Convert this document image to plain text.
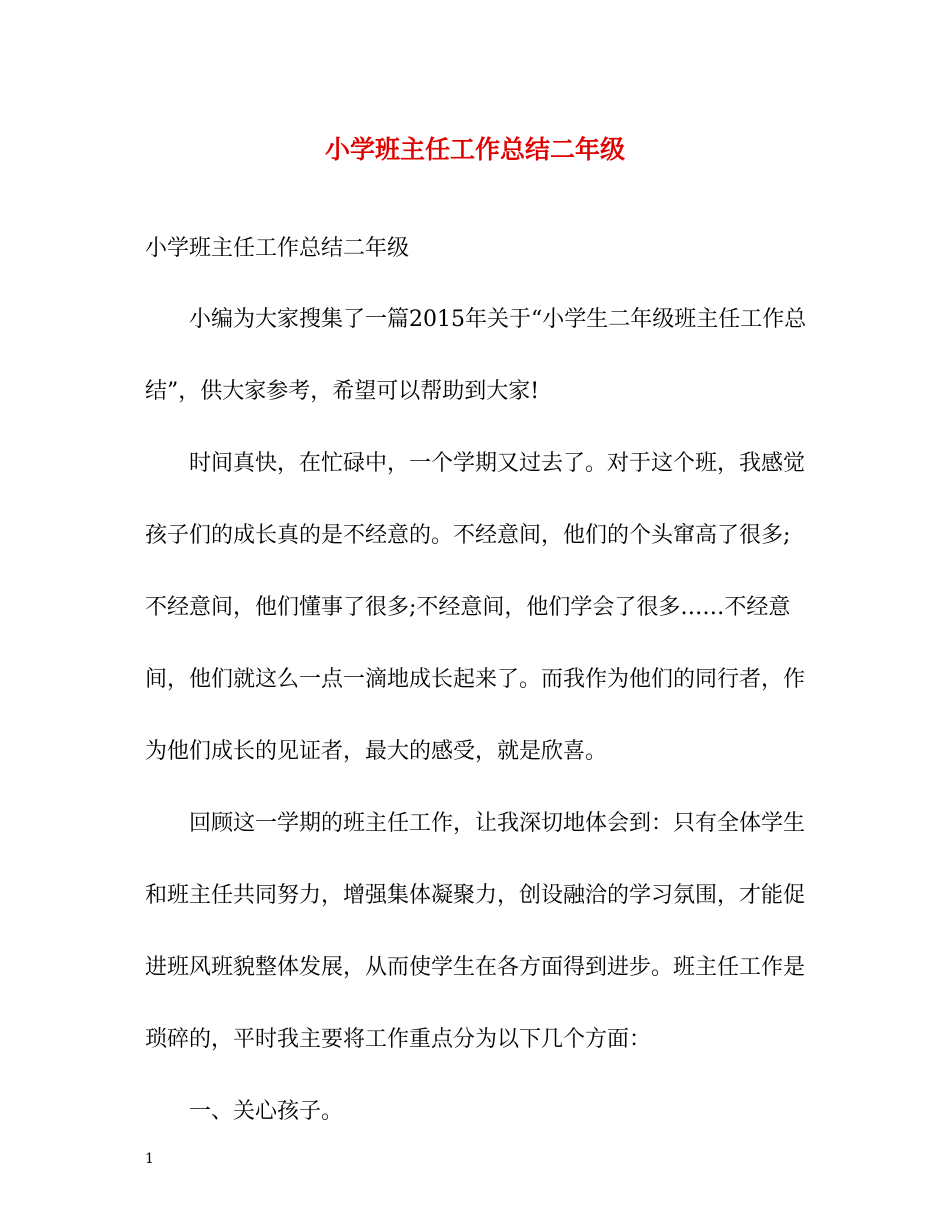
小学班主任工作总结二年级

小学班主任工作总结二年级

小编为大家搜集了一篇2015年关于“小学生二年级班主任工作总
结”，供大家参考，希望可以帮助到大家!

时间真快，在忙碌中，一个学期又过去了。对于这个班，我感觉
孩子们的成长真的是不经意的。不经意间，他们的个头窜高了很多;
不经意间，他们懂事了很多;不经意间，他们学会了很多……不经意
间，他们就这么一点一滴地成长起来了。而我作为他们的同行者，作
为他们成长的见证者，最大的感受，就是欣喜。

回顾这一学期的班主任工作，让我深切地体会到：只有全体学生
和班主任共同努力，增强集体凝聚力，创设融洽的学习氛围，才能促
进班风班貌整体发展，从而使学生在各方面得到进步。班主任工作是
琐碎的，平时我主要将工作重点分为以下几个方面：

一、关心孩子。

1
